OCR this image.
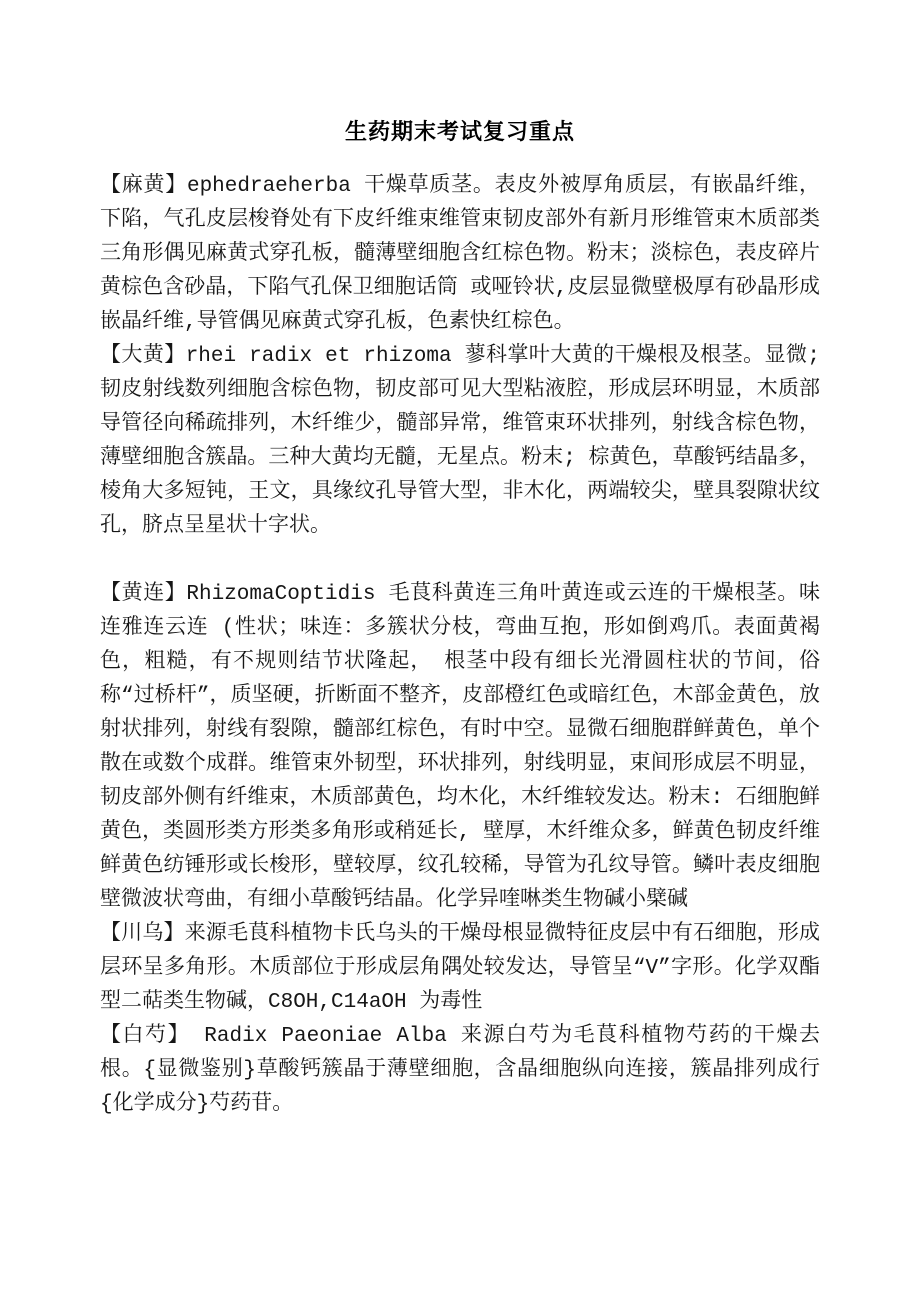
生药期末考试复习重点

【麻黄】ephedraeherba 干燥草质茎。表皮外被厚角质层，有嵌晶纤维，下陷，气孔皮层梭脊处有下皮纤维束维管束韧皮部外有新月形维管束木质部类三角形偶见麻黄式穿孔板，髓薄壁细胞含红棕色物。粉末；淡棕色，表皮碎片黄棕色含砂晶，下陷气孔保卫细胞话筒 或哑铃状,皮层显微壁极厚有砂晶形成嵌晶纤维,导管偶见麻黄式穿孔板，色素快红棕色。

【大黄】rhei radix et rhizoma 蓼科掌叶大黄的干燥根及根茎。显微; 韧皮射线数列细胞含棕色物，韧皮部可见大型粘液腔，形成层环明显，木质部导管径向稀疏排列，木纤维少，髓部异常，维管束环状排列，射线含棕色物，薄壁细胞含簇晶。三种大黄均无髓，无星点。粉末; 棕黄色，草酸钙结晶多，棱角大多短钝，王文，具缘纹孔导管大型，非木化，两端较尖，壁具裂隙状纹孔，脐点呈星状十字状。

【黄连】RhizomaCoptidis 毛茛科黄连三角叶黄连或云连的干燥根茎。味连雅连云连 (性状；味连：多簇状分枝，弯曲互抱，形如倒鸡爪。表面黄褐色，粗糙，有不规则结节状隆起，　根茎中段有细长光滑圆柱状的节间，俗称“过桥杆”，质坚硬，折断面不整齐，皮部橙红色或暗红色，木部金黄色，放射状排列，射线有裂隙，髓部红棕色，有时中空。显微石细胞群鲜黄色，单个散在或数个成群。维管束外韧型，环状排列，射线明显，束间形成层不明显，韧皮部外侧有纤维束，木质部黄色，均木化，木纤维较发达。粉末: 石细胞鲜黄色，类圆形类方形类多角形或稍延长, 壁厚，木纤维众多，鲜黄色韧皮纤维鲜黄色纺锤形或长梭形，壁较厚，纹孔较稀，导管为孔纹导管。鳞叶表皮细胞壁微波状弯曲，有细小草酸钙结晶。化学异喹啉类生物碱小檗碱

【川乌】来源毛茛科植物卡氏乌头的干燥母根显微特征皮层中有石细胞，形成层环呈多角形。木质部位于形成层角隅处较发达，导管呈“V”字形。化学双酯型二萜类生物碱，C8OH,C14aOH 为毒性

【白芍】 Radix Paeoniae Alba 来源白芍为毛茛科植物芍药的干燥去根。{显微鉴别}草酸钙簇晶于薄壁细胞，含晶细胞纵向连接，簇晶排列成行{化学成分}芍药苷。
